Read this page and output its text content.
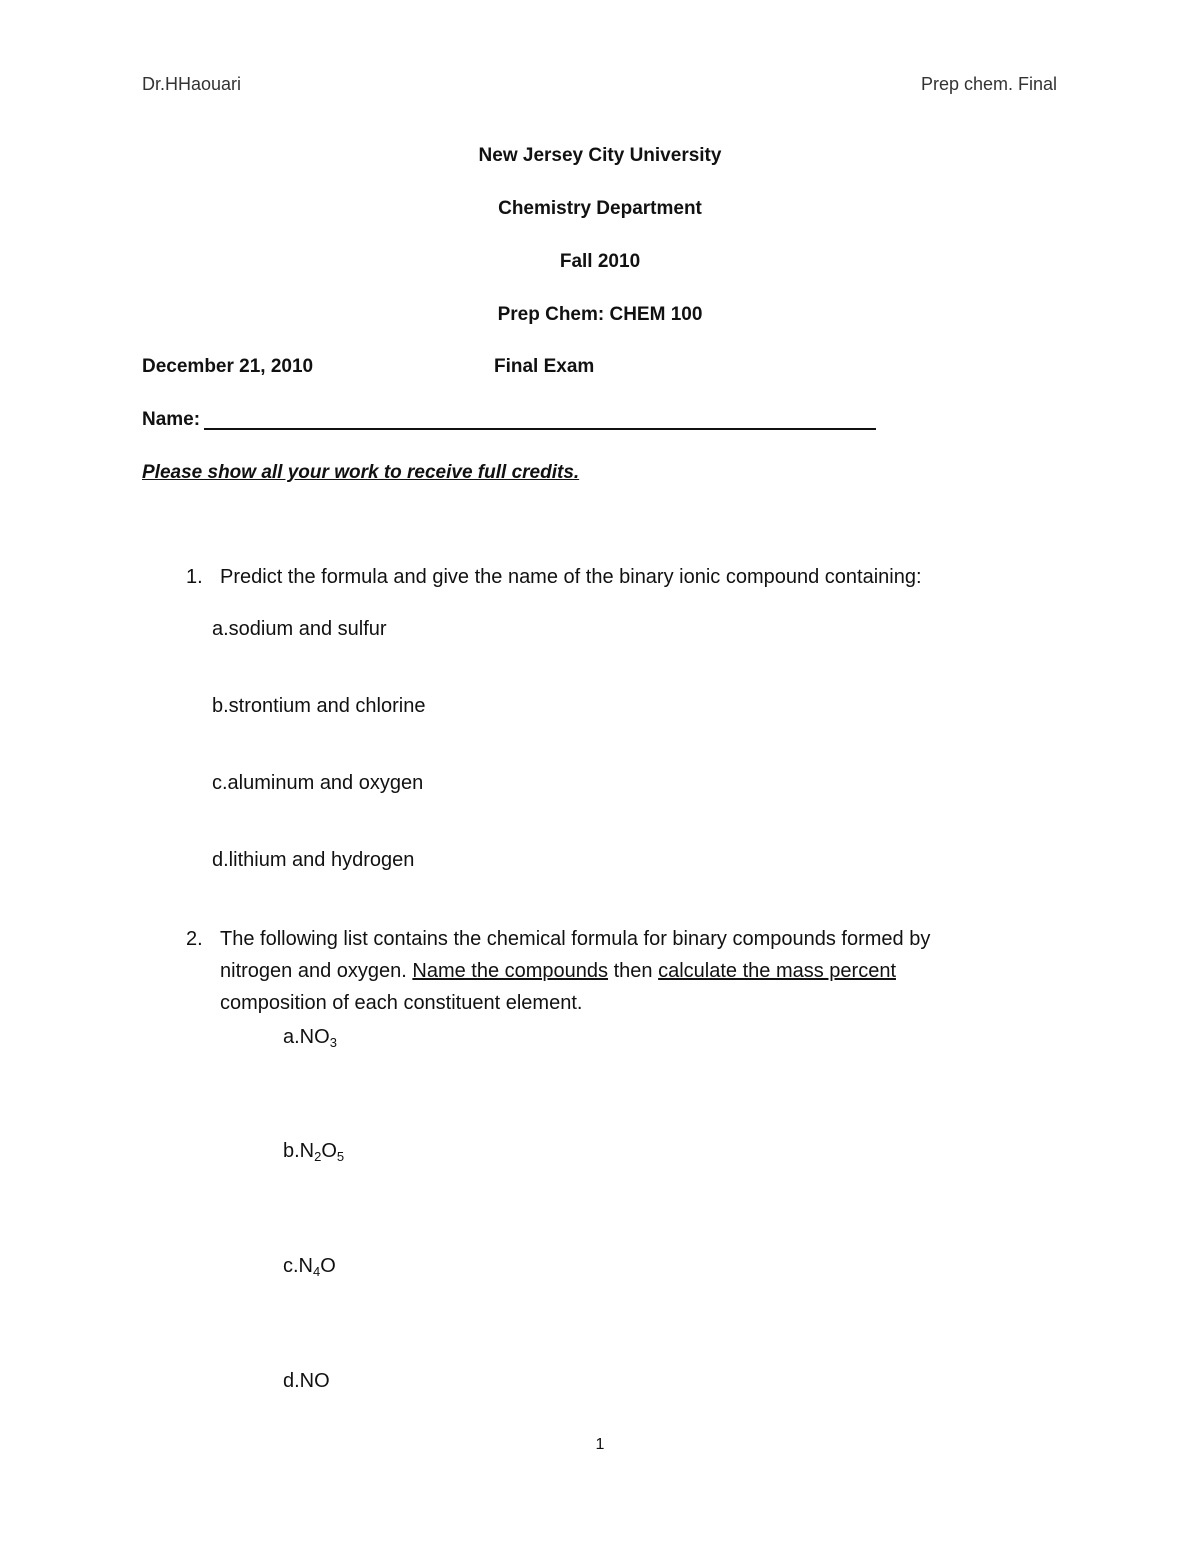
Dr.HHaouari	Prep chem. Final
New Jersey City University
Chemistry Department
Fall 2010
Prep Chem: CHEM 100
December 21, 2010	Final Exam
Name:
Please show all your work to receive full credits.
1. Predict the formula and give the name of the binary ionic compound containing:
a.sodium and sulfur
b.strontium and chlorine
c.aluminum and oxygen
d.lithium and hydrogen
2. The following list contains the chemical formula for binary compounds formed by
nitrogen and oxygen. Name the compounds then calculate the mass percent
composition of each constituent element.
$a.NO_3$
$b.N_2O_5$
$c.N_4O$
d.NO
1
